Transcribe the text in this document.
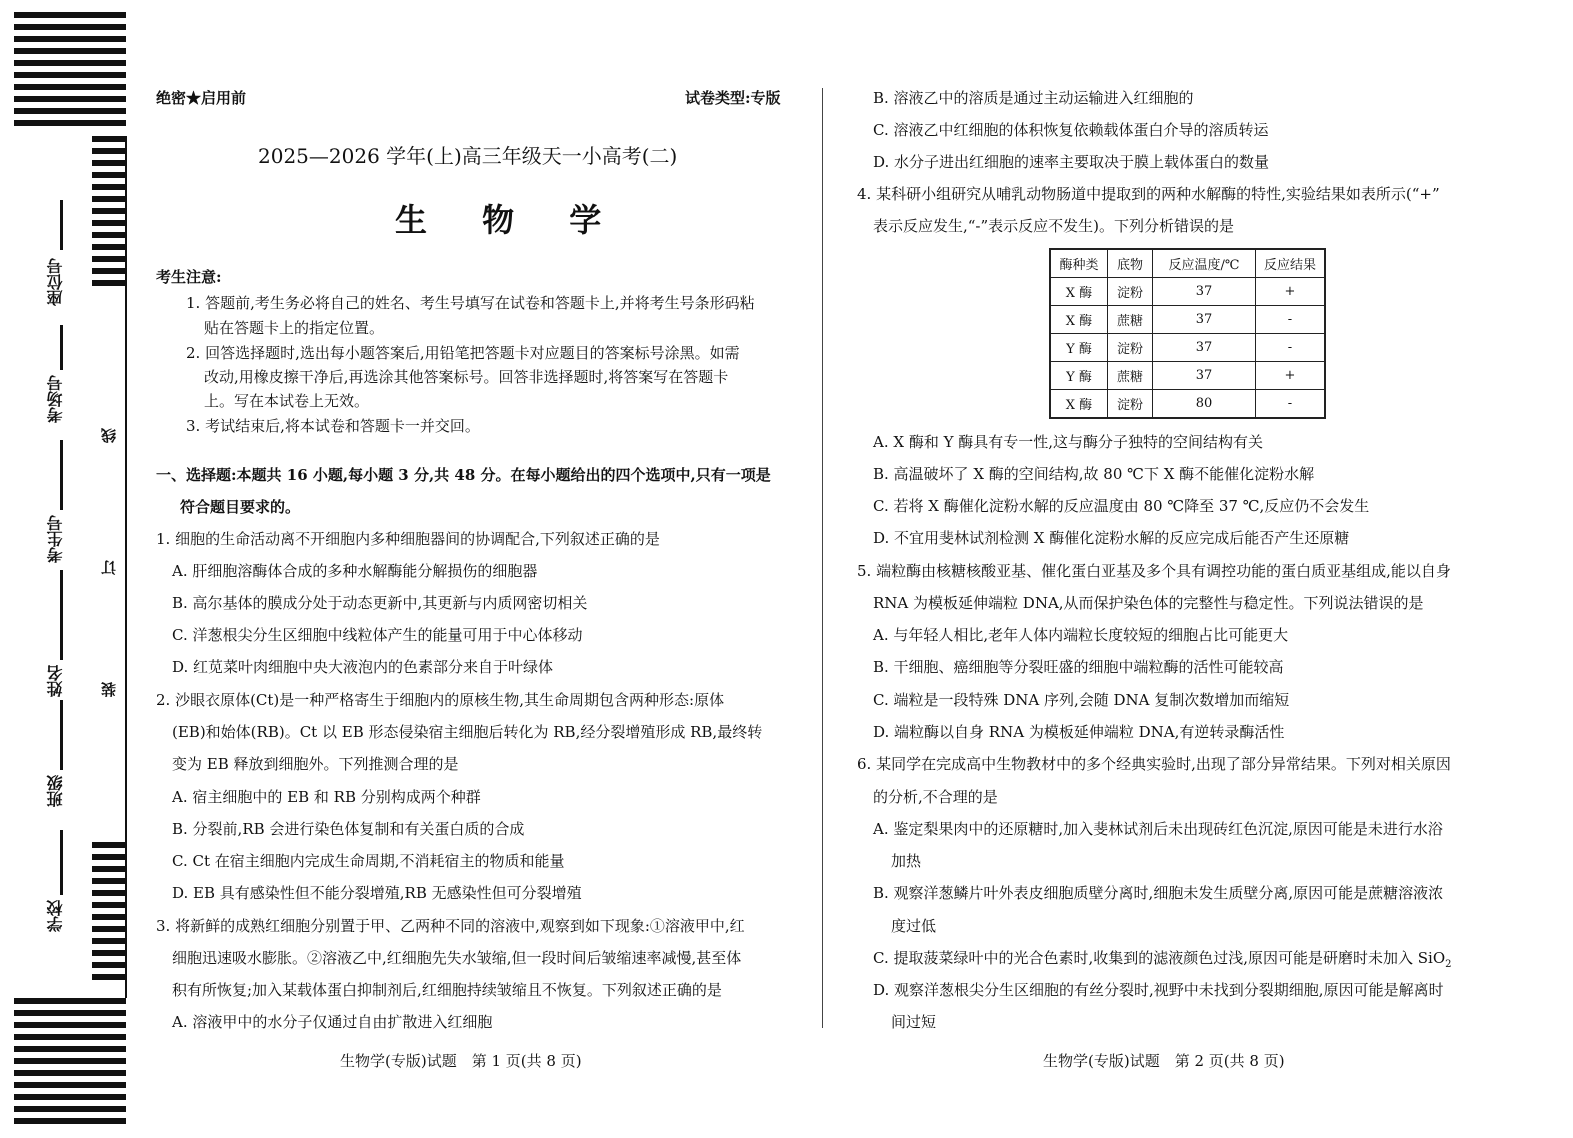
座位号
考场号
考生号
姓名
班级
学校
线
订
装
绝密★启用前	试卷类型:专版
2025—2026 学年(上)高三年级天一小高考(二)
生 物 学
考生注意:
1. 答题前,考生务必将自己的姓名、考生号填写在试卷和答题卡上,并将考生号条形码粘
贴在答题卡上的指定位置。
2. 回答选择题时,选出每小题答案后,用铅笔把答题卡对应题目的答案标号涂黑。如需
改动,用橡皮擦干净后,再选涂其他答案标号。回答非选择题时,将答案写在答题卡
上。写在本试卷上无效。
3. 考试结束后,将本试卷和答题卡一并交回。
一、选择题:本题共 16 小题,每小题 3 分,共 48 分。在每小题给出的四个选项中,只有一项是
符合题目要求的。
1. 细胞的生命活动离不开细胞内多种细胞器间的协调配合,下列叙述正确的是
A. 肝细胞溶酶体合成的多种水解酶能分解损伤的细胞器
B. 高尔基体的膜成分处于动态更新中,其更新与内质网密切相关
C. 洋葱根尖分生区细胞中线粒体产生的能量可用于中心体移动
D. 红苋菜叶肉细胞中央大液泡内的色素部分来自于叶绿体
2. 沙眼衣原体(Ct)是一种严格寄生于细胞内的原核生物,其生命周期包含两种形态:原体
(EB)和始体(RB)。Ct 以 EB 形态侵染宿主细胞后转化为 RB,经分裂增殖形成 RB,最终转
变为 EB 释放到细胞外。下列推测合理的是
A. 宿主细胞中的 EB 和 RB 分别构成两个种群
B. 分裂前,RB 会进行染色体复制和有关蛋白质的合成
C. Ct 在宿主细胞内完成生命周期,不消耗宿主的物质和能量
D. EB 具有感染性但不能分裂增殖,RB 无感染性但可分裂增殖
3. 将新鲜的成熟红细胞分别置于甲、乙两种不同的溶液中,观察到如下现象:①溶液甲中,红
细胞迅速吸水膨胀。②溶液乙中,红细胞先失水皱缩,但一段时间后皱缩速率减慢,甚至体
积有所恢复;加入某载体蛋白抑制剂后,红细胞持续皱缩且不恢复。下列叙述正确的是
A. 溶液甲中的水分子仅通过自由扩散进入红细胞
生物学(专版)试题　第 1 页(共 8 页)
B. 溶液乙中的溶质是通过主动运输进入红细胞的
C. 溶液乙中红细胞的体积恢复依赖载体蛋白介导的溶质转运
D. 水分子进出红细胞的速率主要取决于膜上载体蛋白的数量
4. 某科研小组研究从哺乳动物肠道中提取到的两种水解酶的特性,实验结果如表所示(“+”
表示反应发生,“-”表示反应不发生)。下列分析错误的是
酶种类	底物	反应温度/℃	反应结果
X 酶	淀粉	37	+
X 酶	蔗糖	37	-
Y 酶	淀粉	37	-
Y 酶	蔗糖	37	+
X 酶	淀粉	80	-
A. X 酶和 Y 酶具有专一性,这与酶分子独特的空间结构有关
B. 高温破坏了 X 酶的空间结构,故 80 ℃下 X 酶不能催化淀粉水解
C. 若将 X 酶催化淀粉水解的反应温度由 80 ℃降至 37 ℃,反应仍不会发生
D. 不宜用斐林试剂检测 X 酶催化淀粉水解的反应完成后能否产生还原糖
5. 端粒酶由核糖核酸亚基、催化蛋白亚基及多个具有调控功能的蛋白质亚基组成,能以自身
RNA 为模板延伸端粒 DNA,从而保护染色体的完整性与稳定性。下列说法错误的是
A. 与年轻人相比,老年人体内端粒长度较短的细胞占比可能更大
B. 干细胞、癌细胞等分裂旺盛的细胞中端粒酶的活性可能较高
C. 端粒是一段特殊 DNA 序列,会随 DNA 复制次数增加而缩短
D. 端粒酶以自身 RNA 为模板延伸端粒 DNA,有逆转录酶活性
6. 某同学在完成高中生物教材中的多个经典实验时,出现了部分异常结果。下列对相关原因
的分析,不合理的是
A. 鉴定梨果肉中的还原糖时,加入斐林试剂后未出现砖红色沉淀,原因可能是未进行水浴
加热
B. 观察洋葱鳞片叶外表皮细胞质壁分离时,细胞未发生质壁分离,原因可能是蔗糖溶液浓
度过低
C. 提取菠菜绿叶中的光合色素时,收集到的滤液颜色过浅,原因可能是研磨时未加入 SiO$_2$
D. 观察洋葱根尖分生区细胞的有丝分裂时,视野中未找到分裂期细胞,原因可能是解离时
间过短
生物学(专版)试题　第 2 页(共 8 页)
